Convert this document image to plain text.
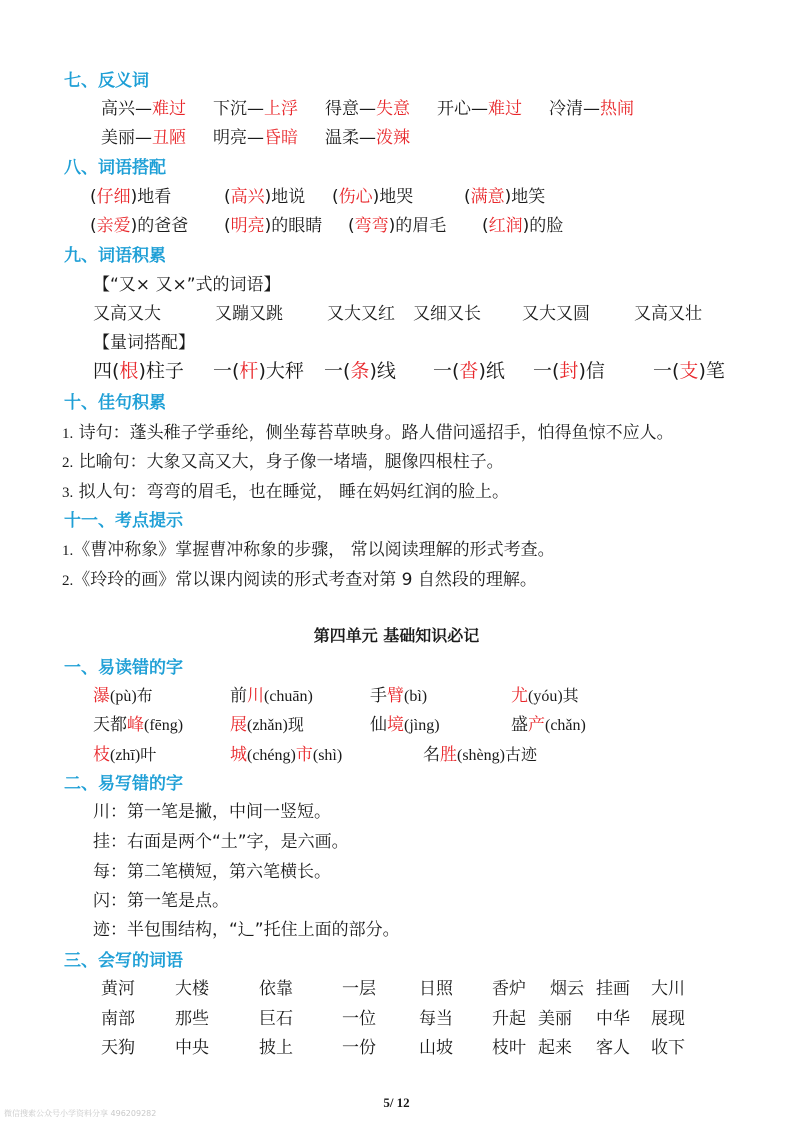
七、反义词
高兴—难过 下沉—上浮 得意—失意 开心—难过 冷清—热闹
美丽—丑陋 明亮—昏暗 温柔—泼辣
八、词语搭配
(仔细)地看	(高兴)地说 (伤心)地哭	(满意)地笑
(亲爱)的爸爸 (明亮)的眼睛 (弯弯)的眉毛 (红润)的脸
九、词语积累
【“又× 又×”式的词语】
又高又大	又蹦又跳	又大又红 又细又长 又大又圆	又高又壮
【量词搭配】
四(根)柱子 一(杆)大秤 一(条)线 一(沓)纸 一(封)信	一(支)笔
十、佳句积累
1. 诗句：蓬头稚子学垂纶，侧坐莓苔草映身。路人借问遥招手，怕得鱼惊不应人。
2. 比喻句：大象又高又大，身子像一堵墙，腿像四根柱子。
3. 拟人句：弯弯的眉毛，也在睡觉， 睡在妈妈红润的脸上。
十一、考点提示
1.《曹冲称象》掌握曹冲称象的步骤， 常以阅读理解的形式考查。
2.《玲玲的画》常以课内阅读的形式考查对第 9 自然段的理解。
第四单元 基础知识必记
一、易读错的字
瀑(pù)布	前川(chuān)	手臂(bì)	尤(yóu)其
天都峰(fēng)	展(zhǎn)现	仙境(jìng)	盛产(chǎn)
枝(zhī)叶	城(chéng)市(shì)	名胜(shèng)古迹
二、易写错的字
川：第一笔是撇，中间一竖短。
挂：右面是两个“土”字，是六画。
每：第二笔横短，第六笔横长。
闪：第一笔是点。
迹：半包围结构，“⻌”托住上面的部分。
三、会写的词语
黄河 大楼	依靠	一层	日照 香炉 烟云 挂画 大川
南部 那些	巨石	一位	每当 升起 美丽 中华 展现
天狗 中央	披上	一份	山坡 枝叶 起来 客人 收下
5/ 12
微信搜索公众号小学资料分享 496209282
